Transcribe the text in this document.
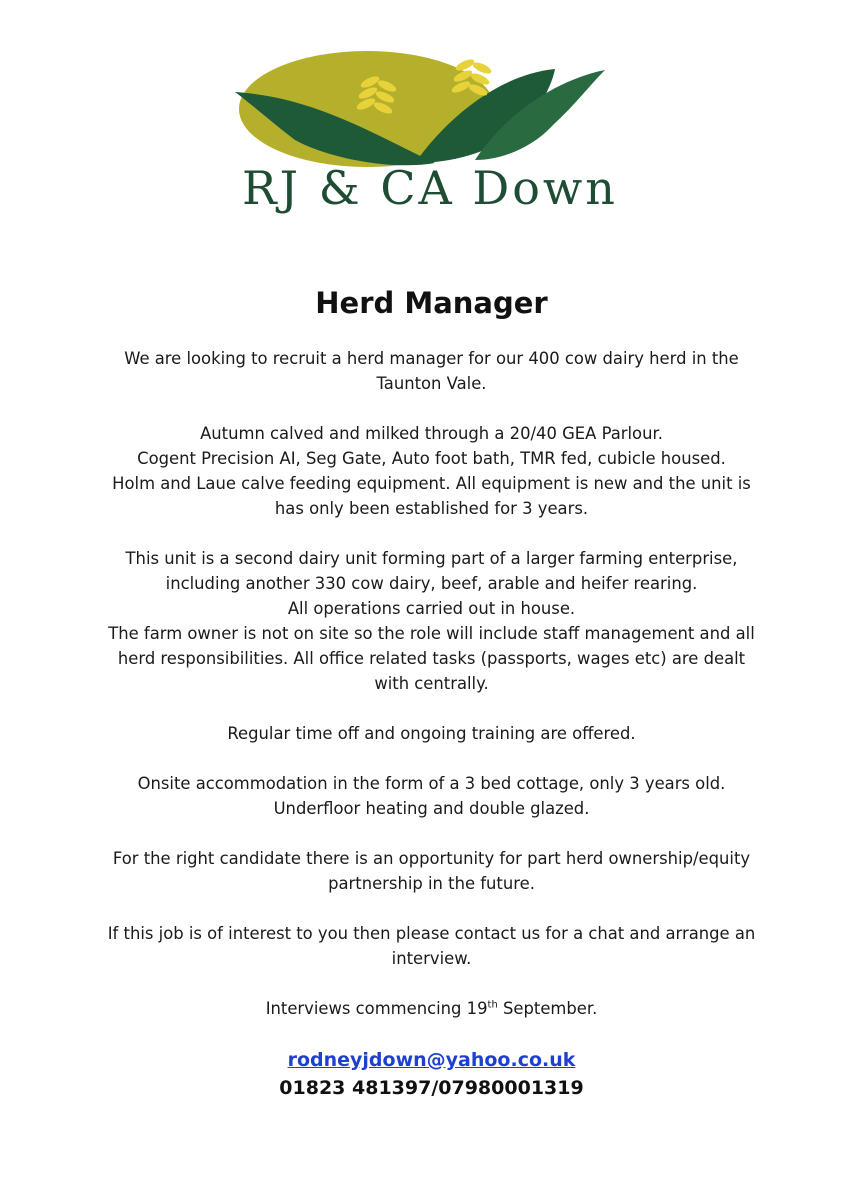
RJ & CA Down
Herd Manager
We are looking to recruit a herd manager for our 400 cow dairy herd in the
Taunton Vale.
Autumn calved and milked through a 20/40 GEA Parlour.
Cogent Precision AI, Seg Gate, Auto foot bath, TMR fed, cubicle housed.
Holm and Laue calve feeding equipment. All equipment is new and the unit is
has only been established for 3 years.
This unit is a second dairy unit forming part of a larger farming enterprise,
including another 330 cow dairy, beef, arable and heifer rearing.
All operations carried out in house.
The farm owner is not on site so the role will include staff management and all
herd responsibilities. All office related tasks (passports, wages etc) are dealt
with centrally.
Regular time off and ongoing training are offered.
Onsite accommodation in the form of a 3 bed cottage, only 3 years old.
Underfloor heating and double glazed.
For the right candidate there is an opportunity for part herd ownership/equity
partnership in the future.
If this job is of interest to you then please contact us for a chat and arrange an
interview.
Interviews commencing 19th September.
rodneyjdown@yahoo.co.uk
01823 481397/07980001319
